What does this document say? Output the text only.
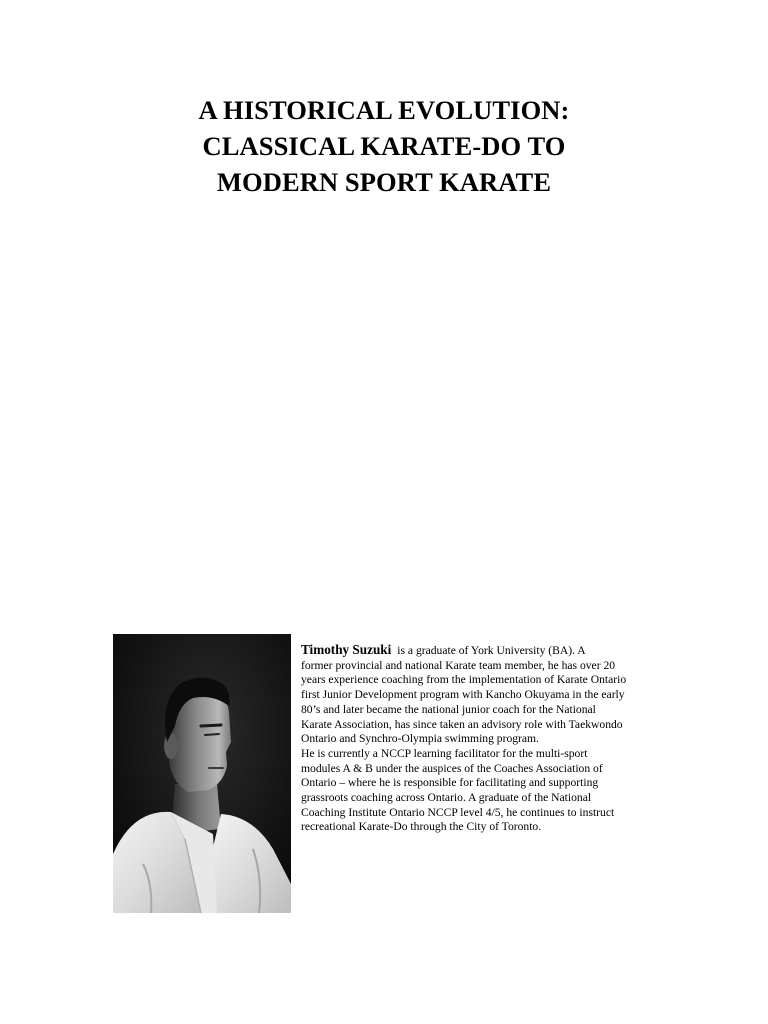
A HISTORICAL EVOLUTION:
CLASSICAL KARATE-DO TO
MODERN SPORT KARATE
Timothy Suzuki is a graduate of York University (BA). A
former provincial and national Karate team member, he has over 20
years experience coaching from the implementation of Karate Ontario
first Junior Development program with Kancho Okuyama in the early
80’s and later became the national junior coach for the National
Karate Association, has since taken an advisory role with Taekwondo
Ontario and Synchro-Olympia swimming program.
He is currently a NCCP learning facilitator for the multi-sport
modules A & B under the auspices of the Coaches Association of
Ontario – where he is responsible for facilitating and supporting
grassroots coaching across Ontario. A graduate of the National
Coaching Institute Ontario NCCP level 4/5, he continues to instruct
recreational Karate-Do through the City of Toronto.
